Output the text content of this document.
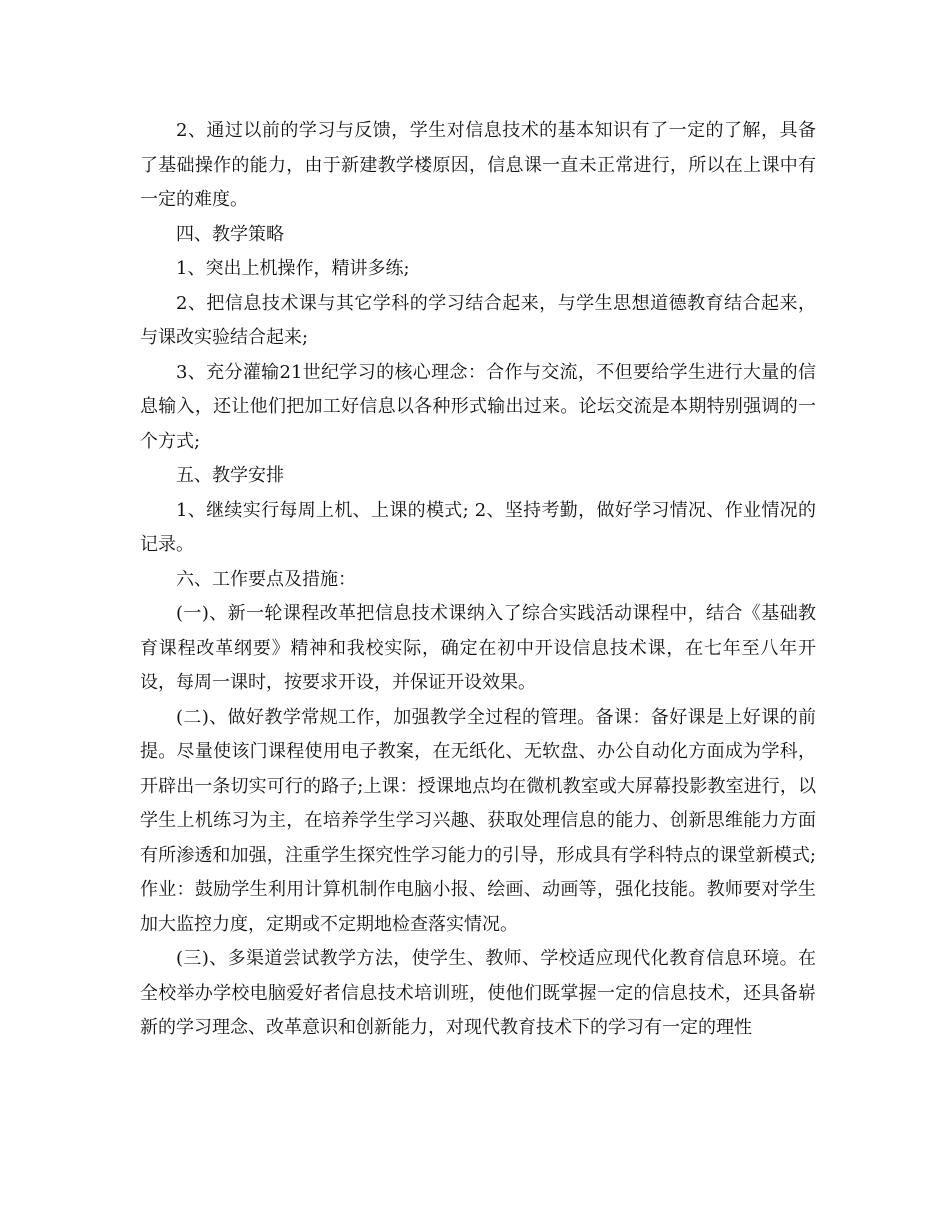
2、通过以前的学习与反馈，学生对信息技术的基本知识有了一定的了解，具备了基础操作的能力，由于新建教学楼原因，信息课一直未正常进行，所以在上课中有一定的难度。

四、教学策略

1、突出上机操作，精讲多练;

2、把信息技术课与其它学科的学习结合起来，与学生思想道德教育结合起来，与课改实验结合起来;

3、充分灌输21世纪学习的核心理念：合作与交流，不但要给学生进行大量的信息输入，还让他们把加工好信息以各种形式输出过来。论坛交流是本期特别强调的一个方式;

五、教学安排

1、继续实行每周上机、上课的模式; 2、坚持考勤，做好学习情况、作业情况的记录。

六、工作要点及措施：

(一)、新一轮课程改革把信息技术课纳入了综合实践活动课程中，结合《基础教育课程改革纲要》精神和我校实际，确定在初中开设信息技术课，在七年至八年开设，每周一课时，按要求开设，并保证开设效果。

(二)、做好教学常规工作，加强教学全过程的管理。备课：备好课是上好课的前提。尽量使该门课程使用电子教案，在无纸化、无软盘、办公自动化方面成为学科，开辟出一条切实可行的路子;上课：授课地点均在微机教室或大屏幕投影教室进行，以学生上机练习为主，在培养学生学习兴趣、获取处理信息的能力、创新思维能力方面有所渗透和加强，注重学生探究性学习能力的引导，形成具有学科特点的课堂新模式;作业：鼓励学生利用计算机制作电脑小报、绘画、动画等，强化技能。教师要对学生加大监控力度，定期或不定期地检查落实情况。

(三)、多渠道尝试教学方法，使学生、教师、学校适应现代化教育信息环境。在全校举办学校电脑爱好者信息技术培训班，使他们既掌握一定的信息技术，还具备崭新的学习理念、改革意识和创新能力，对现代教育技术下的学习有一定的理性
